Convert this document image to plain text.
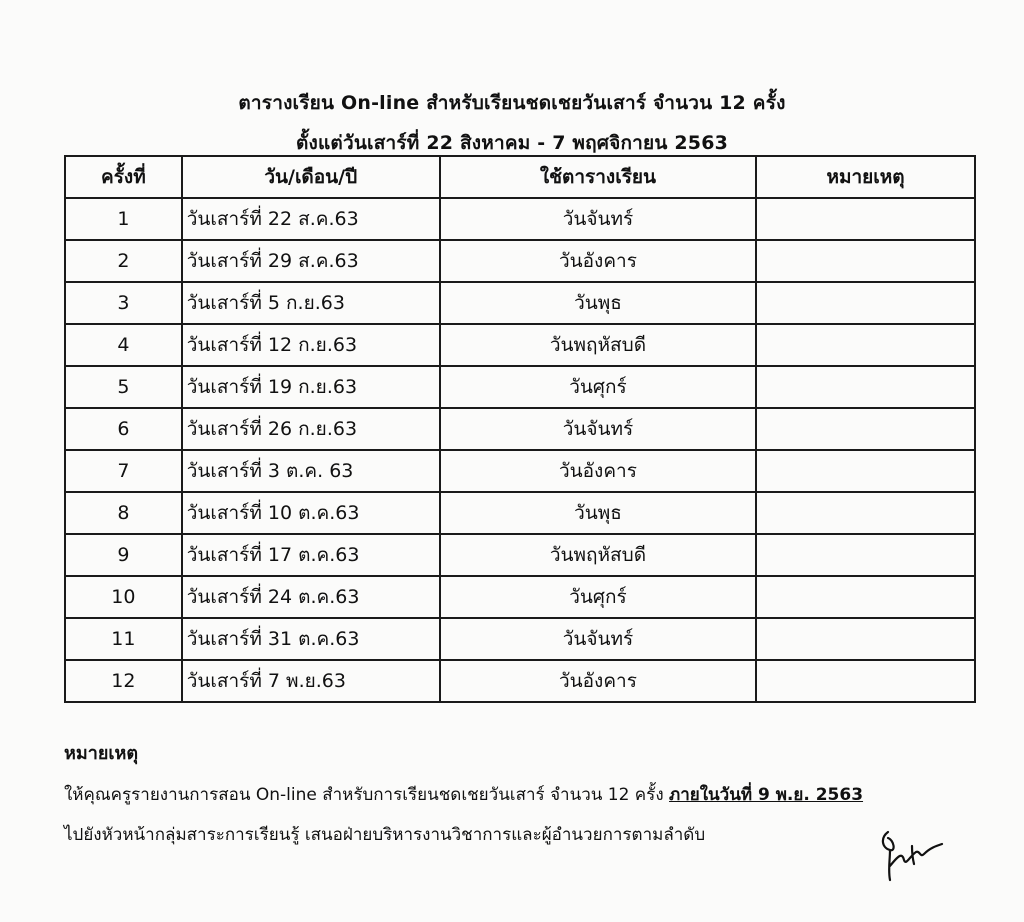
ตารางเรียน On-line สำหรับเรียนชดเชยวันเสาร์ จำนวน 12 ครั้ง
ตั้งแต่วันเสาร์ที่ 22 สิงหาคม - 7 พฤศจิกายน 2563
ครั้งที่	วัน/เดือน/ปี	ใช้ตารางเรียน	หมายเหตุ
1	วันเสาร์ที่ 22 ส.ค.63	วันจันทร์	
2	วันเสาร์ที่ 29 ส.ค.63	วันอังคาร	
3	วันเสาร์ที่ 5 ก.ย.63	วันพุธ	
4	วันเสาร์ที่ 12 ก.ย.63	วันพฤหัสบดี	
5	วันเสาร์ที่ 19 ก.ย.63	วันศุกร์	
6	วันเสาร์ที่ 26 ก.ย.63	วันจันทร์	
7	วันเสาร์ที่ 3 ต.ค. 63	วันอังคาร	
8	วันเสาร์ที่ 10 ต.ค.63	วันพุธ	
9	วันเสาร์ที่ 17 ต.ค.63	วันพฤหัสบดี	
10	วันเสาร์ที่ 24 ต.ค.63	วันศุกร์	
11	วันเสาร์ที่ 31 ต.ค.63	วันจันทร์	
12	วันเสาร์ที่ 7 พ.ย.63	วันอังคาร	
หมายเหตุ
ให้คุณครูรายงานการสอน On-line สำหรับการเรียนชดเชยวันเสาร์ จำนวน 12 ครั้ง ภายในวันที่ 9 พ.ย. 2563
ไปยังหัวหน้ากลุ่มสาระการเรียนรู้ เสนอฝ่ายบริหารงานวิชาการและผู้อำนวยการตามลำดับ
